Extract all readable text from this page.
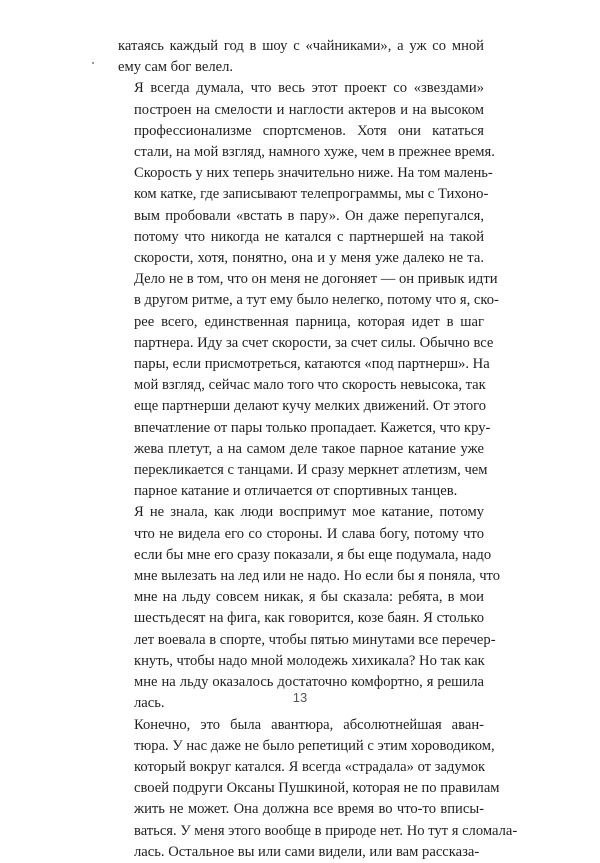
катаясь каждый год в шоу с «чайниками», а уж со мной
ему сам бог велел.

Я всегда думала, что весь этот проект со «звездами»
построен на смелости и наглости актеров и на высоком
профессионализме спортсменов. Хотя они кататься
стали, на мой взгляд, намного хуже, чем в прежнее время.
Скорость у них теперь значительно ниже. На том малень-
ком катке, где записывают телепрограммы, мы с Тихоно-
вым пробовали «встать в пару». Он даже перепугался,
потому что никогда не катался с партнершей на такой
скорости, хотя, понятно, она и у меня уже далеко не та.
Дело не в том, что он меня не догоняет — он привык идти
в другом ритме, а тут ему было нелегко, потому что я, ско-
рее всего, единственная парница, которая идет в шаг
партнера. Иду за счет скорости, за счет силы. Обычно все
пары, если присмотреться, катаются «под партнерш». На
мой взгляд, сейчас мало того что скорость невысока, так
еще партнерши делают кучу мелких движений. От этого
впечатление от пары только пропадает. Кажется, что кру-
жева плетут, а на самом деле такое парное катание уже
перекликается с танцами. И сразу меркнет атлетизм, чем
парное катание и отличается от спортивных танцев.

Я не знала, как люди воспримут мое катание, потому
что не видела его со стороны. И слава богу, потому что
если бы мне его сразу показали, я бы еще подумала, надо
мне вылезать на лед или не надо. Но если бы я поняла, что
мне на льду совсем никак, я бы сказала: ребята, в мои
шестьдесят на фига, как говорится, козе баян. Я столько
лет воевала в спорте, чтобы пятью минутами все перечер-
кнуть, чтобы надо мной молодежь хихикала? Но так как
мне на льду оказалось достаточно комфортно, я решила
лась.

Конечно, это была авантюра, абсолютнейшая аван-
тюра. У нас даже не было репетиций с этим хороводиком,
который вокруг катался. Я всегда «страдала» от задумок
своей подруги Оксаны Пушкиной, которая не по правилам
жить не может. Она должна все время во что-то вписы-
ваться. У меня этого вообще в природе нет. Но тут я сломала-
лась. Остальное вы или сами видели, или вам рассказа-

13
